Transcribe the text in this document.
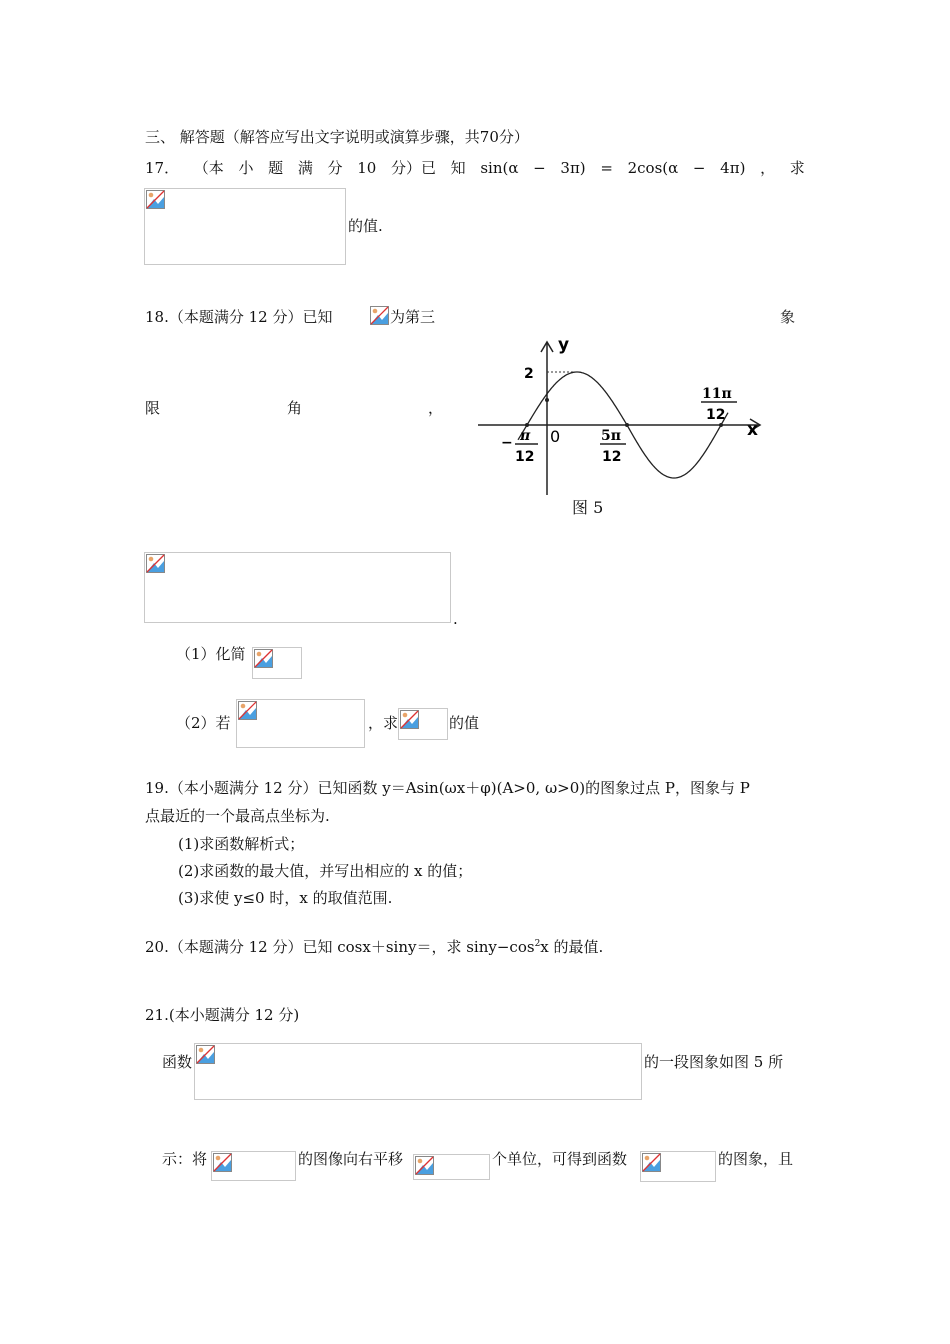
三、 解答题（解答应写出文字说明或演算步骤，共70分）
17． （本 小 题 满 分 10 分）已 知 sin(α − 3π) = 2cos(α − 4π) ， 求
的值.
18.（本题满分 12 分）已知	为第三	象
限	角	，
y
x
2
0
− π
12
5π
12
11π
12
图 5
.
（1）化简
（2）若	，求	的值
19.（本小题满分 12 分）已知函数 y＝Asin(ωx＋φ)(A>0, ω>0)的图象过点 P，图象与 P
点最近的一个最高点坐标为.
(1)求函数解析式；
(2)求函数的最大值，并写出相应的 x 的值；
(3)求使 y≤0 时，x 的取值范围.
20.（本题满分 12 分）已知 cosx＋siny＝，求 $\sin y-\cos^2x$ 的最值.
21.(本小题满分 12 分)
函数	的一段图象如图 5 所
示：将	的图像向右平移	个单位，可得到函数	的图象，且
